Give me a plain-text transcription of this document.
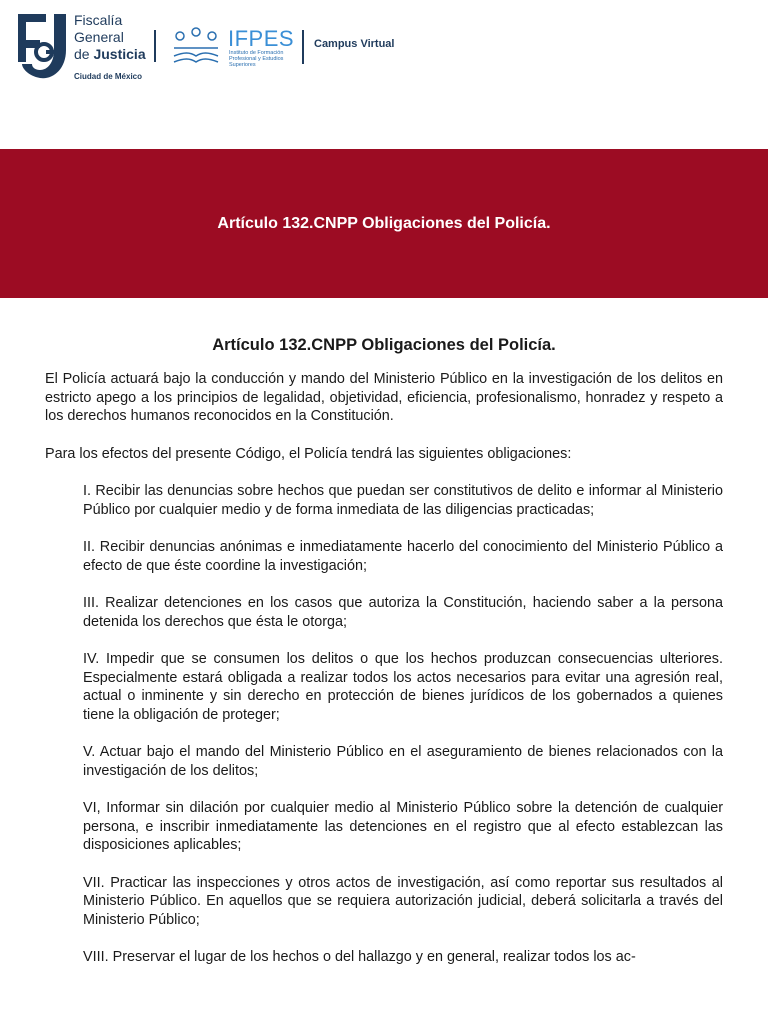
Fiscalía
General
de Justicia
Ciudad de México
IFPES
Instituto de Formación Profesional y Estudios Superiores
Campus Virtual
Artículo 132.CNPP Obligaciones del Policía.
Artículo 132.CNPP Obligaciones del Policía.

El Policía actuará bajo la conducción y mando del Ministerio Público en la investigación de los delitos en estricto apego a los principios de legalidad, objetividad, eficiencia, profesionalismo, honradez y respeto a los derechos humanos reconocidos en la Constitución.

Para los efectos del presente Código, el Policía tendrá las siguientes obligaciones:

I. Recibir las denuncias sobre hechos que puedan ser constitutivos de delito e informar al Ministerio Público por cualquier medio y de forma inmediata de las diligencias practicadas;

II. Recibir denuncias anónimas e inmediatamente hacerlo del conocimiento del Ministerio Público a efecto de que éste coordine la investigación;

III. Realizar detenciones en los casos que autoriza la Constitución, haciendo saber a la persona detenida los derechos que ésta le otorga;

IV. Impedir que se consumen los delitos o que los hechos produzcan consecuencias ulteriores. Especialmente estará obligada a realizar todos los actos necesarios para evitar una agresión real, actual o inminente y sin derecho en protección de bienes jurídicos de los gobernados a quienes tiene la obligación de proteger;

V. Actuar bajo el mando del Ministerio Público en el aseguramiento de bienes relacionados con la investigación de los delitos;

VI, Informar sin dilación por cualquier medio al Ministerio Público sobre la detención de cualquier persona, e inscribir inmediatamente las detenciones en el registro que al efecto establezcan las disposiciones aplicables;

VII. Practicar las inspecciones y otros actos de investigación, así como reportar sus resultados al Ministerio Público. En aquellos que se requiera autorización judicial, deberá solicitarla a través del Ministerio Público;

VIII. Preservar el lugar de los hechos o del hallazgo y en general, realizar todos los ac-
